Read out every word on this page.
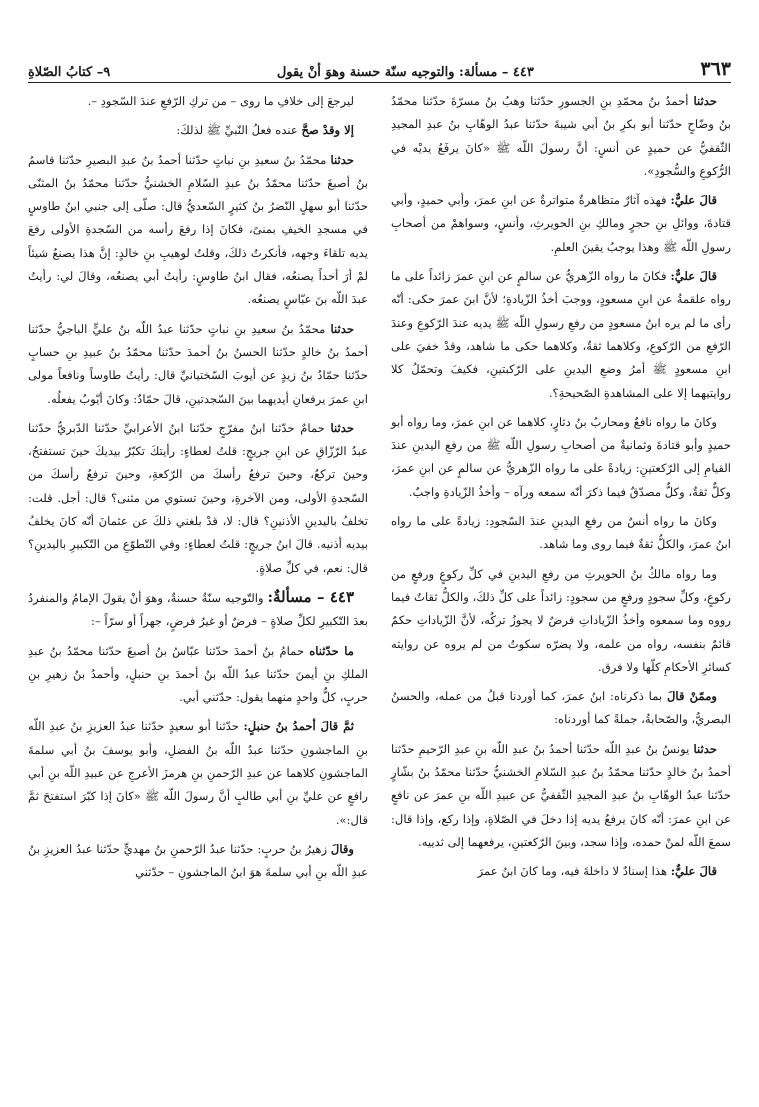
٣٦٣
٤٤٣ – مسألة: والتوجيه سنّة حسنة وهوَ أنْ يقول
٩– كتابُ الصّلاةِ

حدثنا أحمدُ بنُ محمّدِ بنِ الجسورِ حدّثنا وهبُ بنُ مسرّةَ حدّثنا محمّدُ بنُ وضّاحٍ حدّثنا أبو بكرِ بنُ أبي شيبةَ حدّثنا عبدُ الوهّابِ بنُ عبدِ المجيدِ الثّقفيُّ عن حميدٍ عن أنسٍ: أنَّ رسولَ اللّه ﷺ «كانَ يرفَعُ يديْه في الرُّكوعِ والسُّجودِ».

قالَ عليٌّ: فهذه آثارٌ متظاهرةٌ متواترةٌ عن ابنِ عمرَ، وأبي حميدٍ، وأبي قتادةَ، ووائلِ بنِ حجرٍ ومالكِ بنِ الحويرثِ، وأنسٍ، وسواهمْ من أصحابِ رسولِ اللّه ﷺ وهذا يوجبُ يقينَ العلمِ.

قالَ عليٌّ: فكانَ ما رواه الزّهريُّ عن سالمٍ عن ابنِ عمرَ زائداً على ما رواه علقمةُ عن ابنِ مسعودٍ، ووجبَ أخذُ الزّيادةِ؛ لأنَّ ابنَ عمرَ حكى: أنّه رأى ما لم يره ابنُ مسعودٍ من رفعِ رسولِ اللّه ﷺ يديه عندَ الرّكوعِ وعندَ الرّفعِ من الرّكوعِ، وكلاهما ثقةٌ، وكلاهما حكى ما شاهد، وقدْ خفيَ على ابنِ مسعودٍ ﷺ أمرُ وضعِ اليدينِ على الرّكبتينِ، فكيفَ وتحمّلُ كلا روايتيهما إلا على المشاهدةِ الصّحيحةِ؟.

وكانَ ما رواه نافعٌ ومحاربُ بنُ دثارٍ، كلاهما عن ابنِ عمرَ، وما رواه أبو حميدٍ وأبو قتادةَ وثمانيةٌ من أصحابِ رسولِ اللّه ﷺ من رفعِ اليدينِ عندَ القيامِ إلى الرّكعتينِ: زيادةً على ما رواه الزّهريُّ عن سالمٍ عن ابنِ عمرَ، وكلٌّ ثقةٌ، وكلٌّ مصدّقٌ فيما ذكرَ أنّه سمعه ورآه – وأخذُ الزّيادةِ واجبٌ.

وكانَ ما رواه أنسٌ من رفعِ اليدينِ عندَ السّجودِ: زيادةً على ما رواه ابنُ عمرَ، والكلُّ ثقةٌ فيما روى وما شاهد.

وما رواه مالكُ بنُ الحويرثِ من رفعِ اليدينِ في كلِّ ركوعٍ ورفعٍ من ركوعٍ، وكلِّ سجودٍ ورفعٍ من سجودٍ: زائداً على كلِّ ذلكَ، والكلُّ ثقاتٌ فيما رووه وما سمعوه وأخذُ الزّياداتِ فرضٌ لا يجوزُ تركُه، لأنَّ الزّياداتِ حكمٌ قائمٌ بنفسه، رواه من علمه، ولا يضرّه سكوتُ من لم يروه عن روايته كسائرِ الأحكامِ كلّها ولا فرق.

وممّنْ قالَ بما ذكرناه: ابنُ عمرَ، كما أوردنا قبلُ من عمله، والحسنُ البصريُّ، والصّحابةُ، جملةً كما أوردناه:

حدثنا يونسُ بنُ عبدِ اللّه حدّثنا أحمدُ بنُ عبدِ اللّه بنِ عبدِ الرّحيمِ حدّثنا أحمدُ بنُ خالدٍ حدّثنا محمّدُ بنُ عبدِ السّلامِ الخشنيُّ حدّثنا محمّدُ بنُ بشّارٍ حدّثنا عبدُ الوهّابِ بنُ عبدِ المجيدِ الثّقفيُّ عن عبيدِ اللّه بنِ عمرَ عن نافعٍ عن ابنِ عمرَ: أنّه كانَ يرفعُ يديه إذا دخلَ في الصّلاةِ، وإذا ركع، وإذا قال: سمعَ اللّه لمنْ حمده، وإذا سجد، وبينَ الرّكعتينِ، يرفعهما إلى ثدييه.

قالَ عليٌّ: هذا إسنادٌ لا داخلةَ فيه، وما كانَ ابنُ عمرَ

ليرجعَ إلى خلافِ ما روى – من تركِ الرّفعِ عندَ السّجودِ –.

إلا وقدْ صحَّ عنده فعلُ النّبيِّ ﷺ لذلكَ:

حدثنا محمّدُ بنُ سعيدِ بنِ نباتٍ حدّثنا أحمدُ بنُ عبدِ البصيرِ حدّثنا قاسمُ بنُ أصبغَ حدّثنا محمّدُ بنُ عبدِ السّلامِ الخشنيُّ حدّثنا محمّدُ بنُ المثنّى حدّثنا أبو سهلٍ النّضرُ بنُ كثيرٍ السّعديُّ قال: صلّى إلى جنبي ابنُ طاوسٍ في مسجدِ الخيفِ بمنىً، فكانَ إذا رفعَ رأسه من السّجدةِ الأولى رفعَ يديه تلقاءَ وجهه، فأنكرتُ ذلكَ، وقلتُ لوهيبِ بنِ خالدٍ: إنَّ هذا يصنعُ شيئاً لمْ أرَ أحداً يصنعُه، فقال ابنُ طاوسٍ: رأيتُ أبي يصنعُه، وقالَ لي: رأيتُ عبدَ اللّه بنَ عبّاسٍ يصنعُه.

حدثنا محمّدُ بنُ سعيدِ بنِ نباتٍ حدّثنا عبدُ اللّه بنُ عليٍّ الباجيُّ حدّثنا أحمدُ بنُ خالدٍ حدّثنا الحسنُ بنُ أحمدَ حدّثنا محمّدُ بنُ عبيدِ بنِ حسابٍ حدّثنا حمّادُ بنُ زيدٍ عن أيوبَ السّختيانيِّ قال: رأيتُ طاوساً ونافعاً مولى ابنِ عمرَ يرفعانِ أيديهما بينَ السّجدتينِ، قالَ حمّادٌ: وكانَ أيّوبُ يفعلُه.

حدثنا حمامٌ حدّثنا ابنُ مفرّجٍ حدّثنا ابنُ الأعرابيِّ حدّثنا الدّبريُّ حدّثنا عبدُ الرّزّاقِ عن ابنِ جريجٍ: قلتُ لعطاءٍ: رأيتكَ تكبّرُ بيديكَ حينَ تستفتحُ، وحينَ تركعُ، وحينَ ترفعُ رأسكَ من الرّكعةِ، وحينَ ترفعُ رأسكَ من السّجدةِ الأولى، ومن الآخرةِ، وحينَ تستوي من مثنى؟ قال: أجل. قلت: تخلفُ باليدينِ الأذنينِ؟ قال: لا، قدْ بلغني ذلكَ عن عثمانَ أنّه كانَ يخلفُ بيديه أذنيه. قالَ ابنُ جريجٍ: قلتُ لعطاءٍ: وفي التّطوّعِ من التّكبيرِ باليدينِ؟ قال: نعم، في كلِّ صلاةٍ.

٤٤٣ – مسألةٌ: والتّوجيه سنّةٌ حسنةٌ، وهوَ أنْ يقولَ الإمامُ والمنفردُ بعدَ التّكبيرِ لكلِّ صلاةٍ – فرضٌ أو غيرُ فرضٍ، جهراً أو سرّاً –:

ما حدّثناه حمامُ بنُ أحمدَ حدّثنا عبّاسُ بنُ أصبغَ حدّثنا محمّدُ بنُ عبدِ الملكِ بنِ أيمنَ حدّثنا عبدُ اللّه بنُ أحمدَ بنِ حنبلٍ، وأحمدُ بنُ زهيرِ بنِ حربٍ، كلٌّ واحدٍ منهما يقول: حدّثني أبي.

ثمَّ قالَ أحمدُ بنُ حنبلٍ: حدّثنا أبو سعيدٍ حدّثنا عبدُ العزيزِ بنُ عبدِ اللّه بنِ الماجشونِ حدّثنا عبدُ اللّه بنُ الفضلِ، وأبو يوسفَ بنُ أبي سلمةَ الماجشونِ كلاهما عن عبدِ الرّحمنِ بنِ هرمزَ الأعرجِ عن عبيدِ اللّه بنِ أبي رافعٍ عن عليِّ بنِ أبي طالبٍ أنَّ رسولَ اللّه ﷺ «كانَ إذا كبّرَ استفتحَ ثمَّ قال:».

وقالَ زهيرُ بنُ حربٍ: حدّثنا عبدُ الرّحمنِ بنُ مهديٍّ حدّثنا عبدُ العزيزِ بنُ عبدِ اللّه بنِ أبي سلمةَ هوَ ابنُ الماجشونِ – حدّثني
